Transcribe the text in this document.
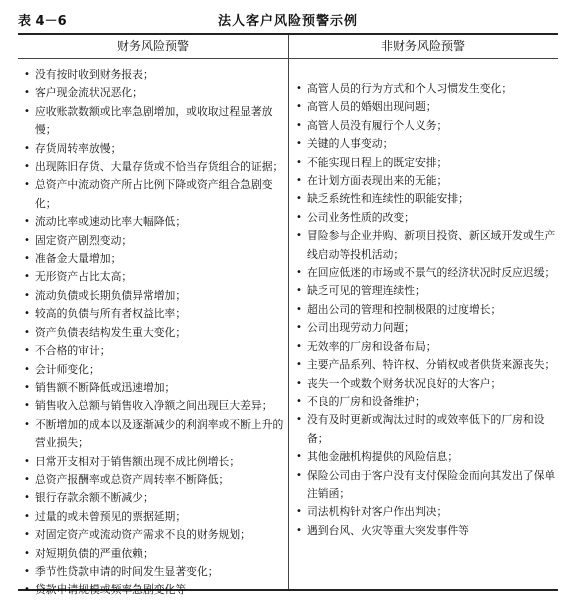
表 4－6	法人客户风险预警示例
财务风险预警	非财务风险预警
• 没有按时收到财务报表；
• 客户现金流状况恶化；
• 应收账款数额或比率急剧增加，或收取过程显著放慢；
• 存货周转率放慢；
• 出现陈旧存货、大量存货或不恰当存货组合的证据；
• 总资产中流动资产所占比例下降或资产组合急剧变化；
• 流动比率或速动比率大幅降低；
• 固定资产剧烈变动；
• 准备金大量增加；
• 无形资产占比太高；
• 流动负债或长期负债异常增加；
• 较高的负债与所有者权益比率；
• 资产负债表结构发生重大变化；
• 不合格的审计；
• 会计师变化；
• 销售额不断降低或迅速增加；
• 销售收入总额与销售收入净额之间出现巨大差异；
• 不断增加的成本以及逐渐减少的利润率或不断上升的营业损失；
• 日常开支相对于销售额出现不成比例增长；
• 总资产报酬率或总资产周转率不断降低；
• 银行存款余额不断减少；
• 过量的或未曾预见的票据延期；
• 对固定资产或流动资产需求不良的财务规划；
• 对短期负债的严重依赖；
• 季节性贷款申请的时间发生显著变化；
• 贷款申请规模或频率急剧变化等
• 高管人员的行为方式和个人习惯发生变化；
• 高管人员的婚姻出现问题；
• 高管人员没有履行个人义务；
• 关键的人事变动；
• 不能实现日程上的既定安排；
• 在计划方面表现出来的无能；
• 缺乏系统性和连续性的职能安排；
• 公司业务性质的改变；
• 冒险参与企业并购、新项目投资、新区域开发或生产线启动等投机活动；
• 在回应低迷的市场或不景气的经济状况时反应迟缓；
• 缺乏可见的管理连续性；
• 超出公司的管理和控制极限的过度增长；
• 公司出现劳动力问题；
• 无效率的厂房和设备布局；
• 主要产品系列、特许权、分销权或者供货来源丧失；
• 丧失一个或数个财务状况良好的大客户；
• 不良的厂房和设备维护；
• 没有及时更新或淘汰过时的或效率低下的厂房和设备；
• 其他金融机构提供的风险信息；
• 保险公司由于客户没有支付保险金而向其发出了保单注销函；
• 司法机构针对客户作出判决；
• 遇到台风、火灾等重大突发事件等
